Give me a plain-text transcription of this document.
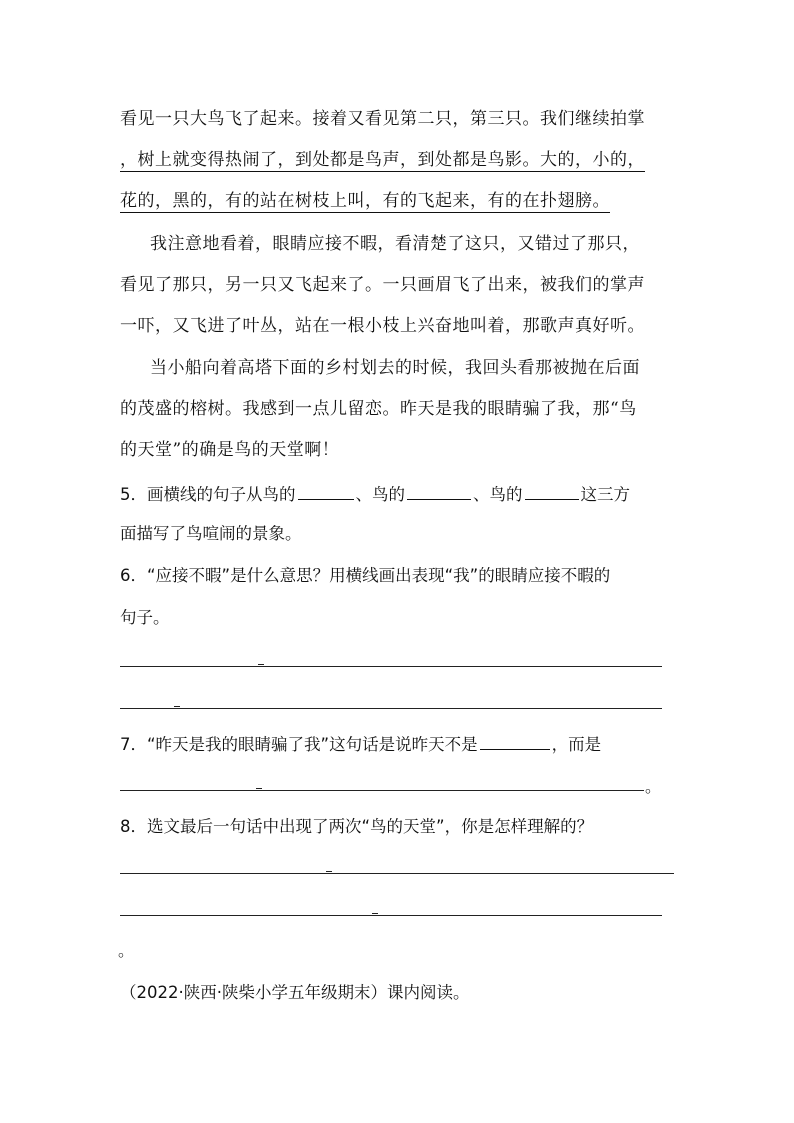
看见一只大鸟飞了起来。接着又看见第二只，第三只。我们继续拍掌
，树上就变得热闹了，到处都是鸟声，到处都是鸟影。大的，小的，
花的，黑的，有的站在树枝上叫，有的飞起来，有的在扑翅膀。
我注意地看着，眼睛应接不暇，看清楚了这只，又错过了那只，
看见了那只，另一只又飞起来了。一只画眉飞了出来，被我们的掌声
一吓，又飞进了叶丛，站在一根小枝上兴奋地叫着，那歌声真好听。
当小船向着高塔下面的乡村划去的时候，我回头看那被抛在后面
的茂盛的榕树。我感到一点儿留恋。昨天是我的眼睛骗了我，那“鸟
的天堂”的确是鸟的天堂啊！
5．画横线的句子从鸟的	、鸟的	、鸟的	这三方
面描写了鸟喧闹的景象。
6．“应接不暇”是什么意思？用横线画出表现“我”的眼睛应接不暇的
句子。
7．“昨天是我的眼睛骗了我”这句话是说昨天不是	，而是
。
8．选文最后一句话中出现了两次“鸟的天堂”，你是怎样理解的？
。
（2022·陕西·陕柴小学五年级期末）课内阅读。
